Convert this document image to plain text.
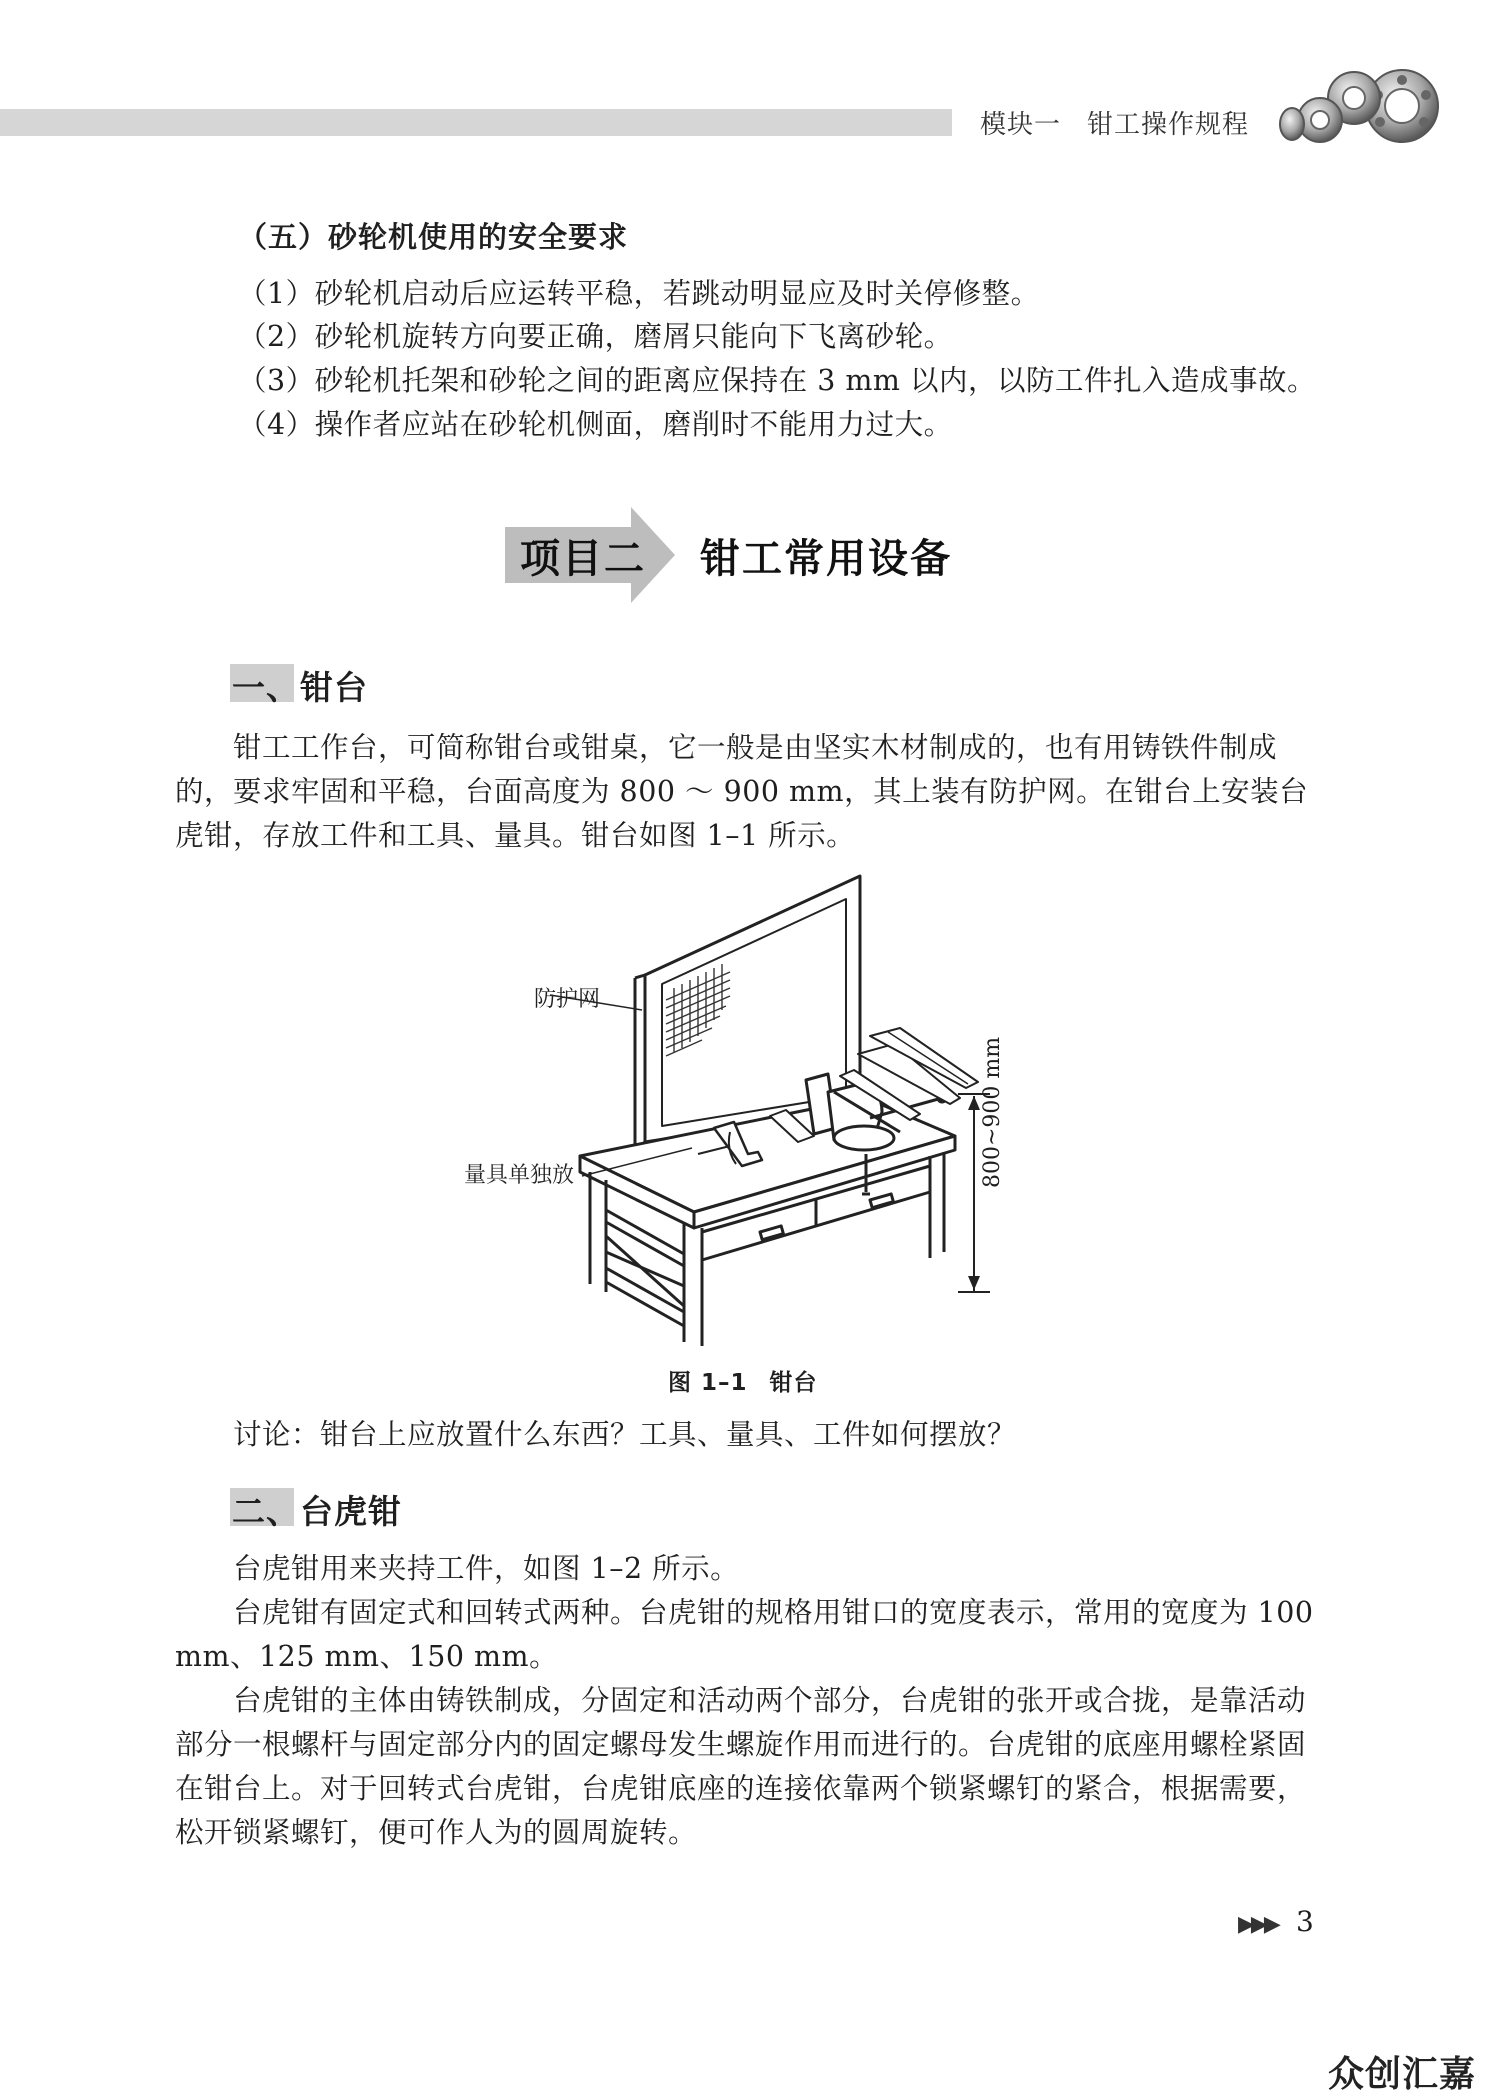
模块一 钳工操作规程
（五）砂轮机使用的安全要求
（1）砂轮机启动后应运转平稳，若跳动明显应及时关停修整。
（2）砂轮机旋转方向要正确，磨屑只能向下飞离砂轮。
（3）砂轮机托架和砂轮之间的距离应保持在 3 mm 以内，以防工件扎入造成事故。
（4）操作者应站在砂轮机侧面，磨削时不能用力过大。
项目二 钳工常用设备
一、钳台
钳工工作台，可简称钳台或钳桌，它一般是由坚实木材制成的，也有用铸铁件制成的，要求牢固和平稳，台面高度为 800 ～ 900 mm，其上装有防护网。在钳台上安装台虎钳，存放工件和工具、量具。钳台如图 1–1 所示。
防护网
量具单独放	800~900 mm
图 1–1 钳台
讨论：钳台上应放置什么东西？工具、量具、工件如何摆放？
二、台虎钳
台虎钳用来夹持工件，如图 1–2 所示。
台虎钳有固定式和回转式两种。台虎钳的规格用钳口的宽度表示，常用的宽度为 100 mm、125 mm、150 mm。
台虎钳的主体由铸铁制成，分固定和活动两个部分，台虎钳的张开或合拢，是靠活动部分一根螺杆与固定部分内的固定螺母发生螺旋作用而进行的。台虎钳的底座用螺栓紧固在钳台上。对于回转式台虎钳，台虎钳底座的连接依靠两个锁紧螺钉的紧合，根据需要，松开锁紧螺钉，便可作人为的圆周旋转。
▶▶▶ 3
众创汇嘉
